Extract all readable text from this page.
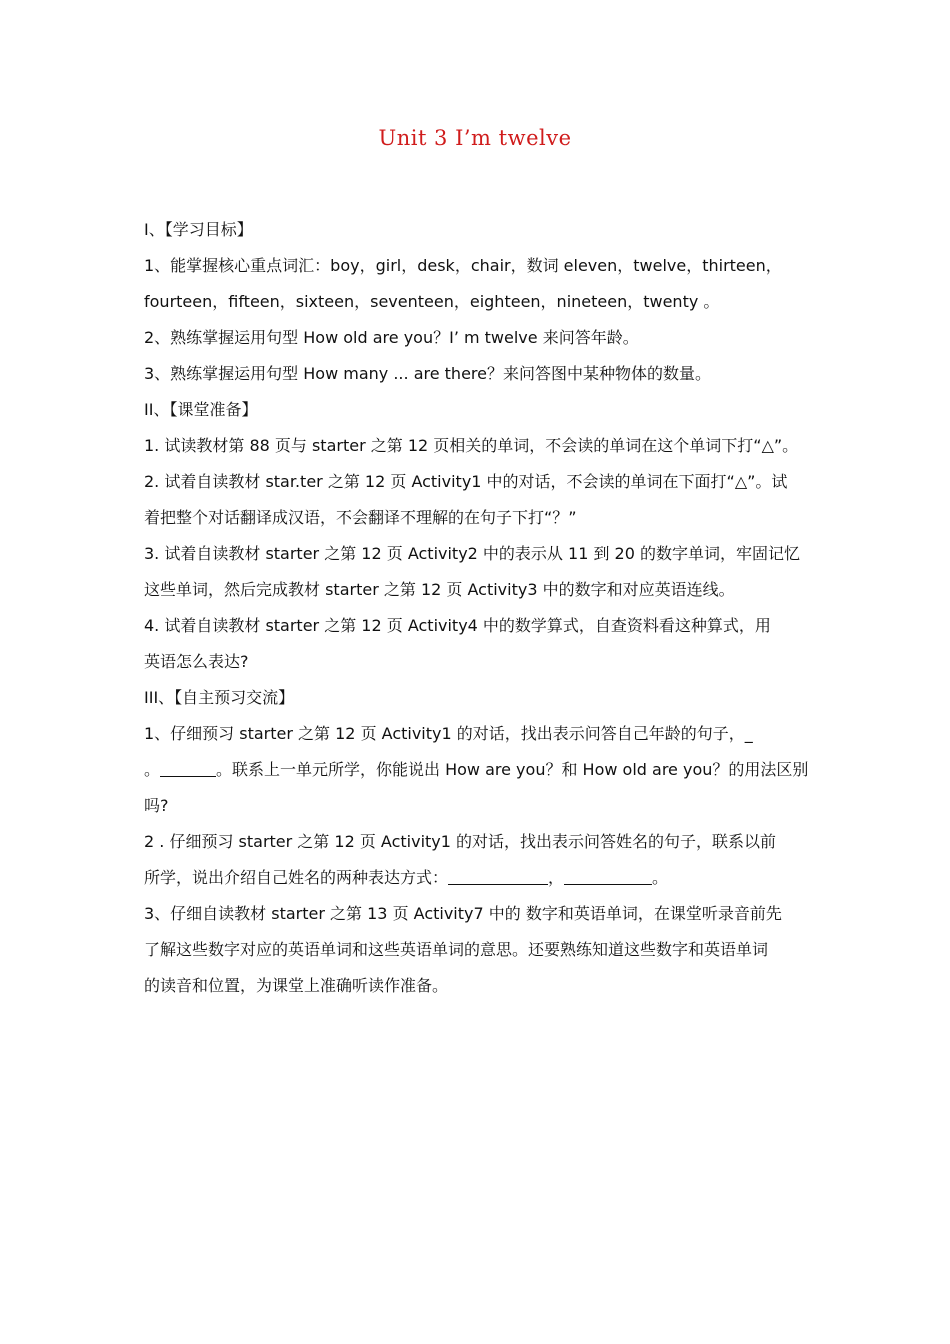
Unit 3 I’m twelve
I、【学习目标】
1、能掌握核心重点词汇：boy，girl，desk，chair，数词 eleven，twelve，thirteen，
fourteen，fifteen，sixteen，seventeen，eighteen，nineteen，twenty 。
2、熟练掌握运用句型 How old are you？I’ m twelve 来问答年龄。
3、熟练掌握运用句型 How many ... are there？来问答图中某种物体的数量。
II、【课堂准备】
1. 试读教材第 88 页与 starter 之第 12 页相关的单词，不会读的单词在这个单词下打“△”。
2. 试着自读教材 star.ter 之第 12 页 Activity1 中的对话，不会读的单词在下面打“△”。试
着把整个对话翻译成汉语，不会翻译不理解的在句子下打“？”
3. 试着自读教材 starter 之第 12 页 Activity2 中的表示从 11 到 20 的数字单词，牢固记忆
这些单词，然后完成教材 starter 之第 12 页 Activity3 中的数字和对应英语连线。
4. 试着自读教材 starter 之第 12 页 Activity4 中的数学算式，自查资料看这种算式，用
英语怎么表达?
III、【自主预习交流】
1、仔细预习 starter 之第 12 页 Activity1 的对话，找出表示问答自己年龄的句子，_
。	。联系上一单元所学，你能说出 How are you？和 How old are you？的用法区别
吗?
2 . 仔细预习 starter 之第 12 页 Activity1 的对话，找出表示问答姓名的句子，联系以前
所学，说出介绍自己姓名的两种表达方式：	，	。
3、仔细自读教材 starter 之第 13 页 Activity7 中的 数字和英语单词，在课堂听录音前先
了解这些数字对应的英语单词和这些英语单词的意思。还要熟练知道这些数字和英语单词
的读音和位置，为课堂上准确听读作准备。
